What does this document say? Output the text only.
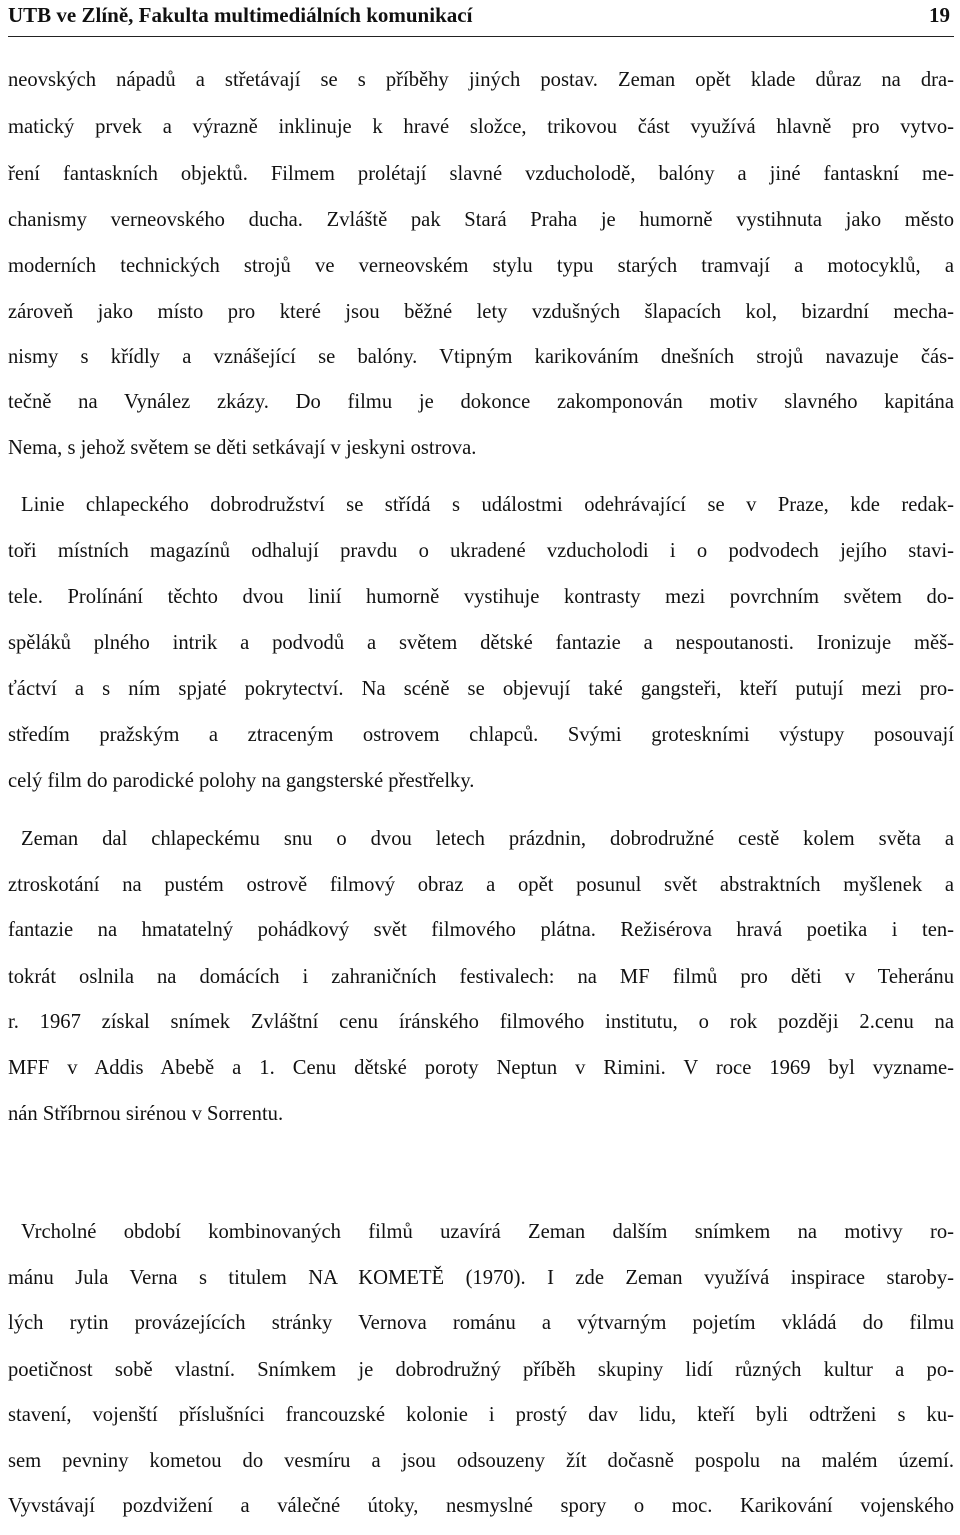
UTB ve Zlíně, Fakulta multimediálních komunikací	19
neovských nápadů a střetávají se s příběhy jiných postav. Zeman opět klade důraz na dra-
matický prvek a výrazně inklinuje k hravé složce, trikovou část využívá hlavně pro vytvo-
ření fantaskních objektů. Filmem prolétají slavné vzducholodě, balóny a jiné fantaskní me-
chanismy verneovského ducha. Zvláště pak Stará Praha je humorně vystihnuta jako město
moderních technických strojů ve verneovském stylu typu starých tramvají a motocyklů, a
zároveň jako místo pro které jsou běžné lety vzdušných šlapacích kol, bizardní mecha-
nismy s křídly a vznášející se balóny. Vtipným karikováním dnešních strojů navazuje čás-
tečně na Vynález zkázy. Do filmu je dokonce zakomponován motiv slavného kapitána
Nema, s jehož světem se děti setkávají v jeskyni ostrova.
Linie chlapeckého dobrodružství se střídá s událostmi odehrávající se v Praze, kde redak-
toři místních magazínů odhalují pravdu o ukradené vzducholodi i o podvodech jejího stavi-
tele. Prolínání těchto dvou linií humorně vystihuje kontrasty mezi povrchním světem do-
spěláků plného intrik a podvodů a světem dětské fantazie a nespoutanosti. Ironizuje měš-
ťáctví a s ním spjaté pokrytectví. Na scéně se objevují také gangsteři, kteří putují mezi pro-
středím pražským a ztraceným ostrovem chlapců. Svými groteskními výstupy posouvají
celý film do parodické polohy na gangsterské přestřelky.
Zeman dal chlapeckému snu o dvou letech prázdnin, dobrodružné cestě kolem světa a
ztroskotání na pustém ostrově filmový obraz a opět posunul svět abstraktních myšlenek a
fantazie na hmatatelný pohádkový svět filmového plátna. Režisérova hravá poetika i ten-
tokrát oslnila na domácích i zahraničních festivalech: na MF filmů pro děti v Teheránu
r. 1967 získal snímek Zvláštní cenu íránského filmového institutu, o rok později 2.cenu na
MFF v Addis Abebě a 1. Cenu dětské poroty Neptun v Rimini. V roce 1969 byl vyzname-
nán Stříbrnou sirénou v Sorrentu.
Vrcholné období kombinovaných filmů uzavírá Zeman dalším snímkem na motivy ro-
mánu Jula Verna s titulem NA KOMETĚ (1970). I zde Zeman využívá inspirace staroby-
lých rytin provázejících stránky Vernova románu a výtvarným pojetím vkládá do filmu
poetičnost sobě vlastní. Snímkem je dobrodružný příběh skupiny lidí různých kultur a po-
stavení, vojenští příslušníci francouzské kolonie i prostý dav lidu, kteří byli odtrženi s ku-
sem pevniny kometou do vesmíru a jsou odsouzeny žít dočasně pospolu na malém území.
Vyvstávají pozdvižení a válečné útoky, nesmyslné spory o moc. Karikování vojenského
